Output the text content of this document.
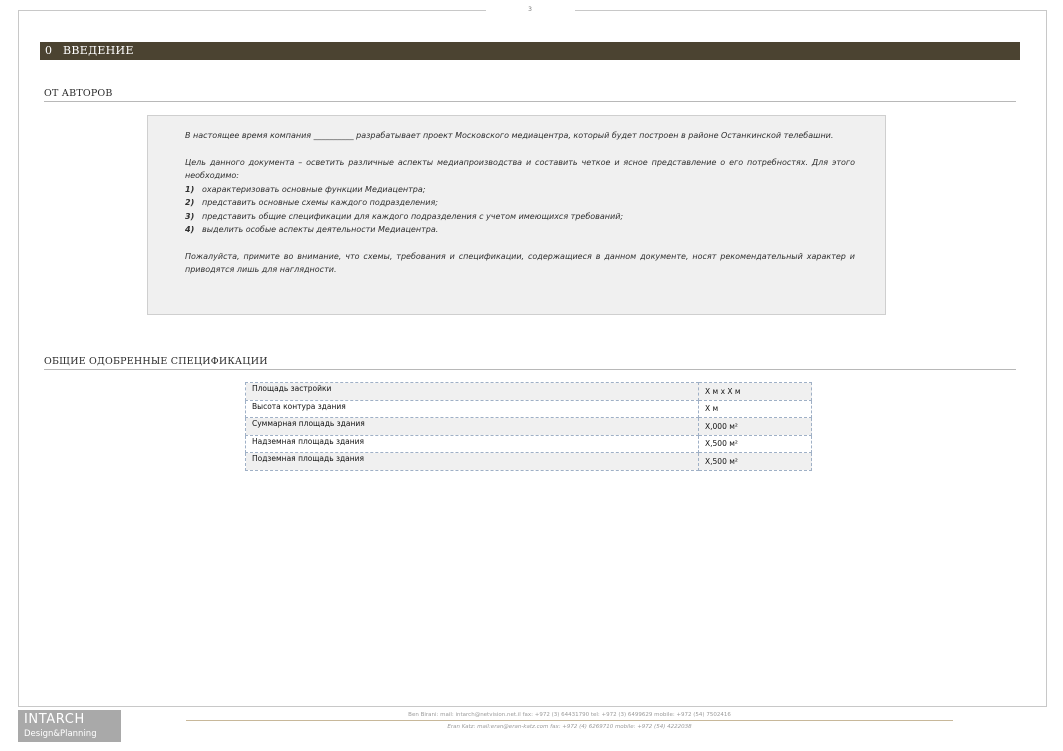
3
0 ВВЕДЕНИЕ
ОТ АВТОРОВ

В настоящее время компания __________ разрабатывает проект Московского медиацентра, который будет построен в районе Останкинской телебашни.

Цель данного документа – осветить различные аспекты медиапроизводства и составить четкое и ясное представление о его потребностях. Для этого необходимо:

1) охарактеризовать основные функции Медиацентра;
2) представить основные схемы каждого подразделения;
3) представить общие спецификации для каждого подразделения с учетом имеющихся требований;
4) выделить особые аспекты деятельности Медиацентра.

Пожалуйста, примите во внимание, что схемы, требования и спецификации, содержащиеся в данном документе, носят рекомендательный характер и приводятся лишь для наглядности.

ОБЩИЕ ОДОБРЕННЫЕ СПЕЦИФИКАЦИИ
Площадь застройки	X м x X м
Высота контура здания	X м
Суммарная площадь здания	X,000 м²
Надземная площадь здания	X,500 м²
Подземная площадь здания	X,500 м²
INTARCH
Design&Planning
Ben Birani: mail: intarch@netvision.net.il fax: +972 (3) 64431790 tel: +972 (3) 6499629 mobile: +972 (54) 7502416
Eran Katz: mail:eran@eran-katz.com fax: +972 (4) 6269710 mobile: +972 (54) 4222038
